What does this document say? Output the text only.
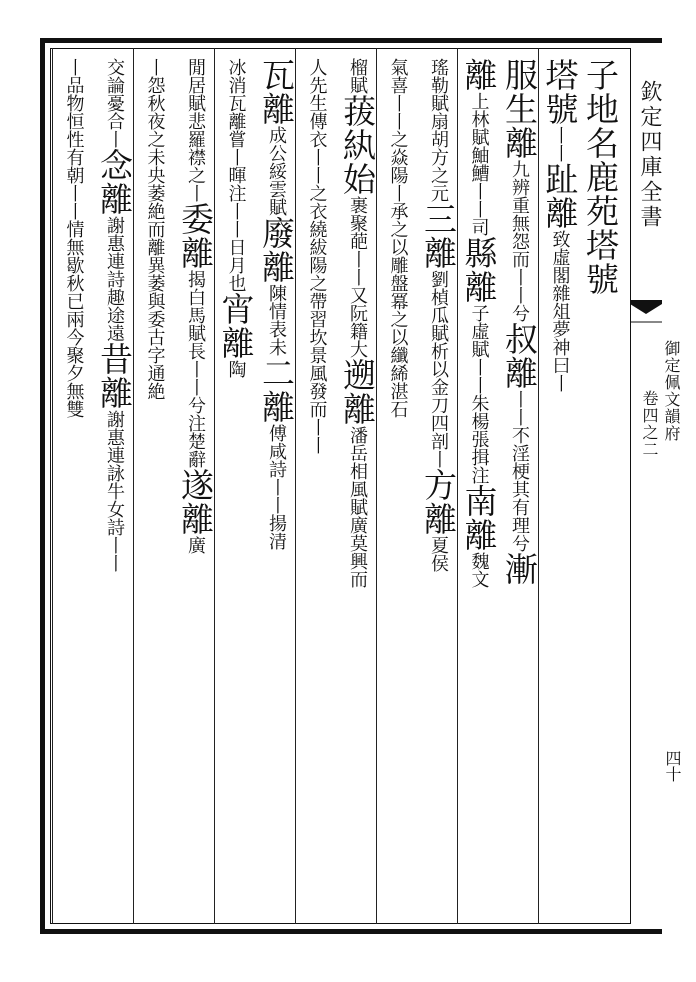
欽定四庫全書
御定佩文韻府
卷四之二
四十
子地名鹿苑塔號
塔號丨丨趾離致虛閣雜俎夢神曰丨
服生離九辨重無怨而丨丨兮叔離丨丨不淫梗其有理兮漸
離上林賦鮋鰽丨丨司縣離子虛賦丨丨朱楊張揖注南離魏文
瑤勒賦扇胡方之元三離劉楨瓜賦析以金刀四剖丨方離夏侯
氣喜丨丨之焱陽丨承之以雕盤冪之以纖絺湛石
榴賦菝紈始裹聚葩丨丨又阮籍大遡離潘岳相風賦廣莫興而
人先生傳衣丨丨之衣繞紱陽之帶習坎景風發而丨丨
瓦離成公綏雲賦廢離陳情表未二離傅咸詩丨丨揚清
冰消瓦離嘗丨暉注丨丨日月也宵離陶
閒居賦悲羅襟之丨委離揭白馬賦長丨丨兮注楚辭遂離廣
丨怨秋夜之未央萎絶而離異萎與委古字通絶
交論憂合丨念離謝惠連詩趣途遠昔離謝惠連詠牛女詩丨丨
丨品物恒性有朝丨丨情無歇秋已兩今聚夕無雙
